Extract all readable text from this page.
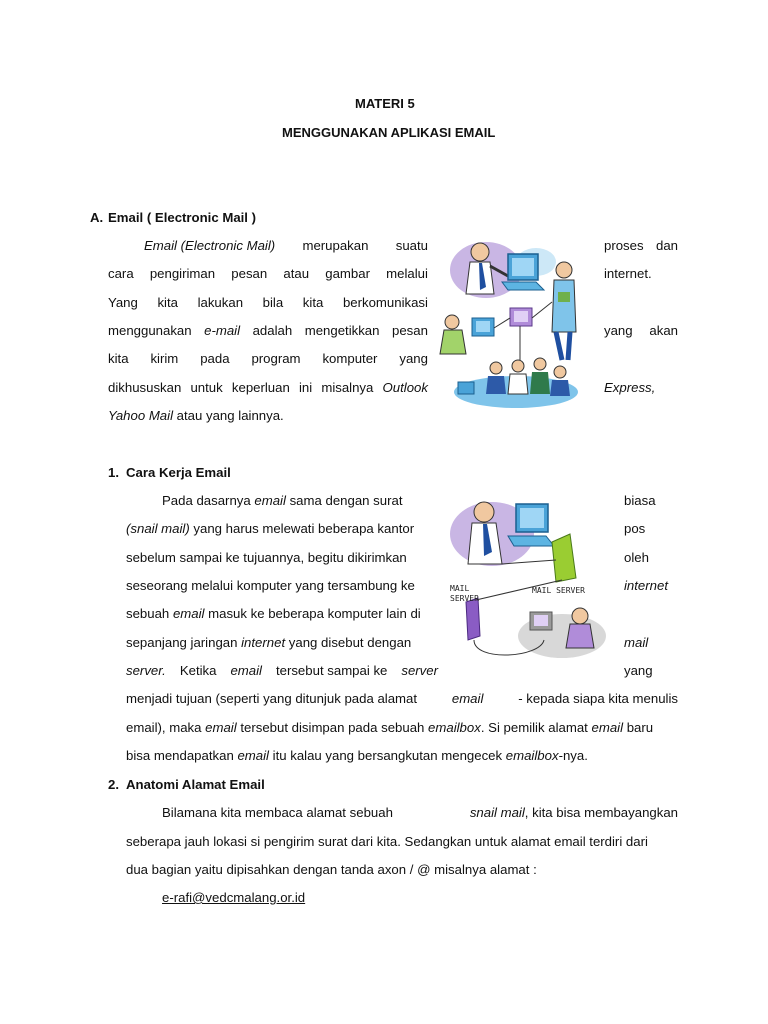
MATERI 5
MENGGUNAKAN APLIKASI EMAIL
A. Email ( Electronic Mail )
Email (Electronic Mail) merupakan suatu
cara pengiriman pesan atau gambar melalui
Yang kita lakukan bila kita berkomunikasi
menggunakan e-mail adalah mengetikkan pesan
kita kirim pada program komputer yang
dikhususkan untuk keperluan ini misalnya Outlook
Yahoo Mail atau yang lainnya.
proses dan
internet.
yang akan
Express,
1. Cara Kerja Email
Pada dasarnya email sama dengan surat
(snail mail) yang harus melewati beberapa kantor
sebelum sampai ke tujuannya, begitu dikirimkan
seseorang melalui komputer yang tersambung ke
sebuah email masuk ke beberapa komputer lain di
sepanjang jaringan internet yang disebut dengan
server. Ketika email tersebut sampai ke server
biasa
pos
oleh
internet
mail
yang
MAIL
SERVER
MAIL SERVER
menjadi tujuan (seperti yang ditunjuk pada alamat	email	- kepada siapa kita menulis
email), maka email tersebut disimpan pada sebuah emailbox. Si pemilik alamat email baru
bisa mendapatkan email itu kalau yang bersangkutan mengecek emailbox-nya.
2. Anatomi Alamat Email
Bilamana kita membaca alamat sebuah	snail mail, kita bisa membayangkan
seberapa jauh lokasi si pengirim surat dari kita. Sedangkan untuk alamat email terdiri dari
dua bagian yaitu dipisahkan dengan tanda axon / @ misalnya alamat :
e-rafi@vedcmalang.or.id
